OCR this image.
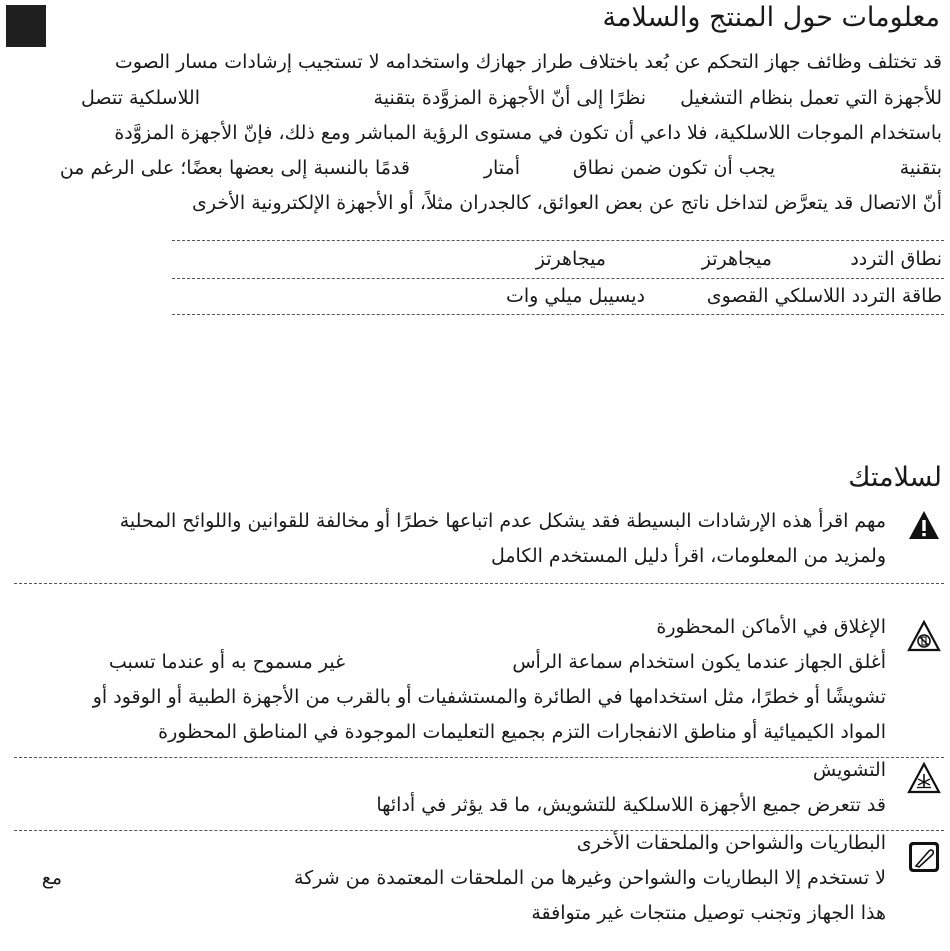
معلومات حول المنتج والسلامة
قد تختلف وظائف جهاز التحكم عن بُعد باختلاف طراز جهازك واستخدامه لا تستجيب إرشادات مسار الصوت
للأجهزة التي تعمل بنظام التشغيل
نظرًا إلى أنّ الأجهزة المزوَّدة بتقنية
اللاسلكية تتصل
باستخدام الموجات اللاسلكية، فلا داعي أن تكون في مستوى الرؤية المباشر ومع ذلك، فإنّ الأجهزة المزوَّدة
بتقنية
يجب أن تكون ضمن نطاق
أمتار
قدمًا بالنسبة إلى بعضها بعضًا؛ على الرغم من
أنّ الاتصال قد يتعرَّض لتداخل ناتج عن بعض العوائق، كالجدران مثلاً، أو الأجهزة الإلكترونية الأخرى
نطاق التردد
ميجاهرتز
ميجاهرتز
طاقة التردد اللاسلكي القصوى
ديسيبل ميلي وات
لسلامتك
مهم اقرأ هذه الإرشادات البسيطة فقد يشكل عدم اتباعها خطرًا أو مخالفة للقوانين واللوائح المحلية
ولمزيد من المعلومات، اقرأ دليل المستخدم الكامل
الإغلاق في الأماكن المحظورة
أغلق الجهاز عندما يكون استخدام سماعة الرأس
غير مسموح به أو عندما تسبب
تشويشًا أو خطرًا، مثل استخدامها في الطائرة والمستشفيات أو بالقرب من الأجهزة الطبية أو الوقود أو
المواد الكيميائية أو مناطق الانفجارات التزم بجميع التعليمات الموجودة في المناطق المحظورة
التشويش
قد تتعرض جميع الأجهزة اللاسلكية للتشويش، ما قد يؤثر في أدائها
البطاريات والشواحن والملحقات الأخرى
لا تستخدم إلا البطاريات والشواحن وغيرها من الملحقات المعتمدة من شركة
مع
هذا الجهاز وتجنب توصيل منتجات غير متوافقة
